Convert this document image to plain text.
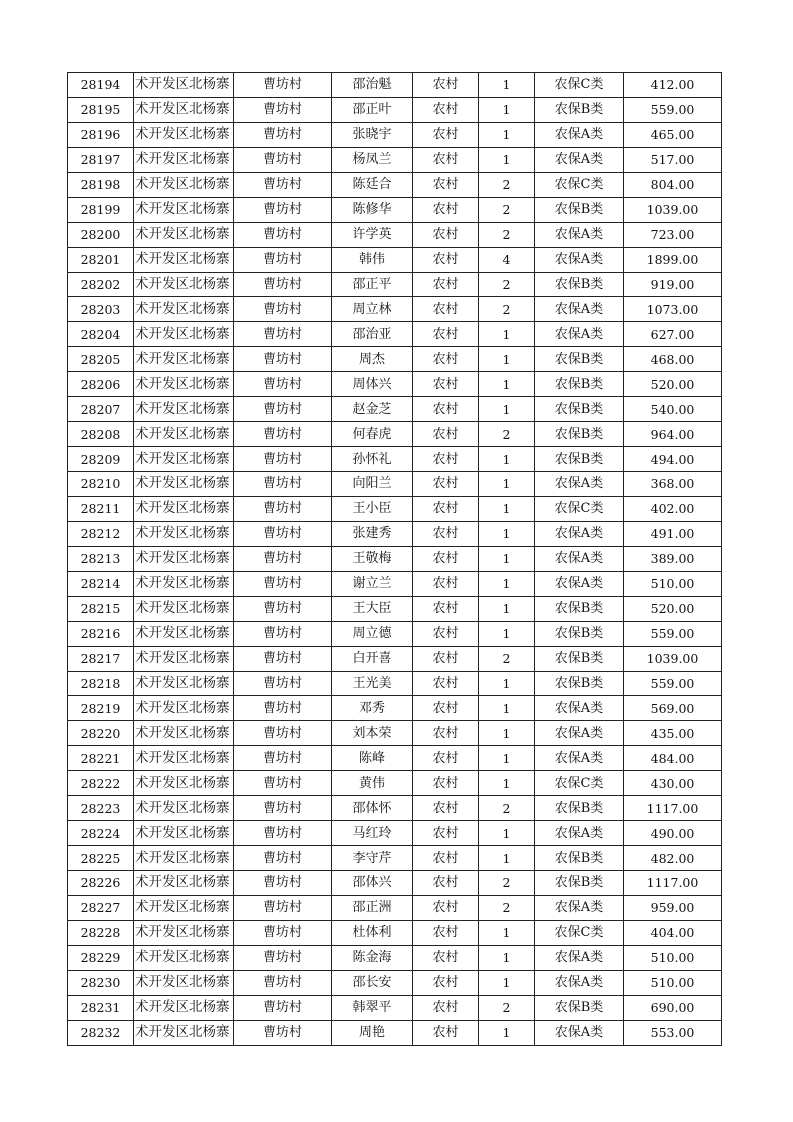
28194	术开发区北杨寨	曹坊村	邵治魁	农村	1	农保C类	412.00
28195	术开发区北杨寨	曹坊村	邵正叶	农村	1	农保B类	559.00
28196	术开发区北杨寨	曹坊村	张晓宇	农村	1	农保A类	465.00
28197	术开发区北杨寨	曹坊村	杨凤兰	农村	1	农保A类	517.00
28198	术开发区北杨寨	曹坊村	陈廷合	农村	2	农保C类	804.00
28199	术开发区北杨寨	曹坊村	陈修华	农村	2	农保B类	1039.00
28200	术开发区北杨寨	曹坊村	许学英	农村	2	农保A类	723.00
28201	术开发区北杨寨	曹坊村	韩伟	农村	4	农保A类	1899.00
28202	术开发区北杨寨	曹坊村	邵正平	农村	2	农保B类	919.00
28203	术开发区北杨寨	曹坊村	周立林	农村	2	农保A类	1073.00
28204	术开发区北杨寨	曹坊村	邵治亚	农村	1	农保A类	627.00
28205	术开发区北杨寨	曹坊村	周杰	农村	1	农保B类	468.00
28206	术开发区北杨寨	曹坊村	周体兴	农村	1	农保B类	520.00
28207	术开发区北杨寨	曹坊村	赵金芝	农村	1	农保B类	540.00
28208	术开发区北杨寨	曹坊村	何春虎	农村	2	农保B类	964.00
28209	术开发区北杨寨	曹坊村	孙怀礼	农村	1	农保B类	494.00
28210	术开发区北杨寨	曹坊村	向阳兰	农村	1	农保A类	368.00
28211	术开发区北杨寨	曹坊村	王小臣	农村	1	农保C类	402.00
28212	术开发区北杨寨	曹坊村	张建秀	农村	1	农保A类	491.00
28213	术开发区北杨寨	曹坊村	王敬梅	农村	1	农保A类	389.00
28214	术开发区北杨寨	曹坊村	谢立兰	农村	1	农保A类	510.00
28215	术开发区北杨寨	曹坊村	王大臣	农村	1	农保B类	520.00
28216	术开发区北杨寨	曹坊村	周立德	农村	1	农保B类	559.00
28217	术开发区北杨寨	曹坊村	白开喜	农村	2	农保B类	1039.00
28218	术开发区北杨寨	曹坊村	王光美	农村	1	农保B类	559.00
28219	术开发区北杨寨	曹坊村	邓秀	农村	1	农保A类	569.00
28220	术开发区北杨寨	曹坊村	刘本荣	农村	1	农保A类	435.00
28221	术开发区北杨寨	曹坊村	陈峰	农村	1	农保A类	484.00
28222	术开发区北杨寨	曹坊村	黄伟	农村	1	农保C类	430.00
28223	术开发区北杨寨	曹坊村	邵体怀	农村	2	农保B类	1117.00
28224	术开发区北杨寨	曹坊村	马红玲	农村	1	农保A类	490.00
28225	术开发区北杨寨	曹坊村	李守芹	农村	1	农保B类	482.00
28226	术开发区北杨寨	曹坊村	邵体兴	农村	2	农保B类	1117.00
28227	术开发区北杨寨	曹坊村	邵正洲	农村	2	农保A类	959.00
28228	术开发区北杨寨	曹坊村	杜体利	农村	1	农保C类	404.00
28229	术开发区北杨寨	曹坊村	陈金海	农村	1	农保A类	510.00
28230	术开发区北杨寨	曹坊村	邵长安	农村	1	农保A类	510.00
28231	术开发区北杨寨	曹坊村	韩翠平	农村	2	农保B类	690.00
28232	术开发区北杨寨	曹坊村	周艳	农村	1	农保A类	553.00
